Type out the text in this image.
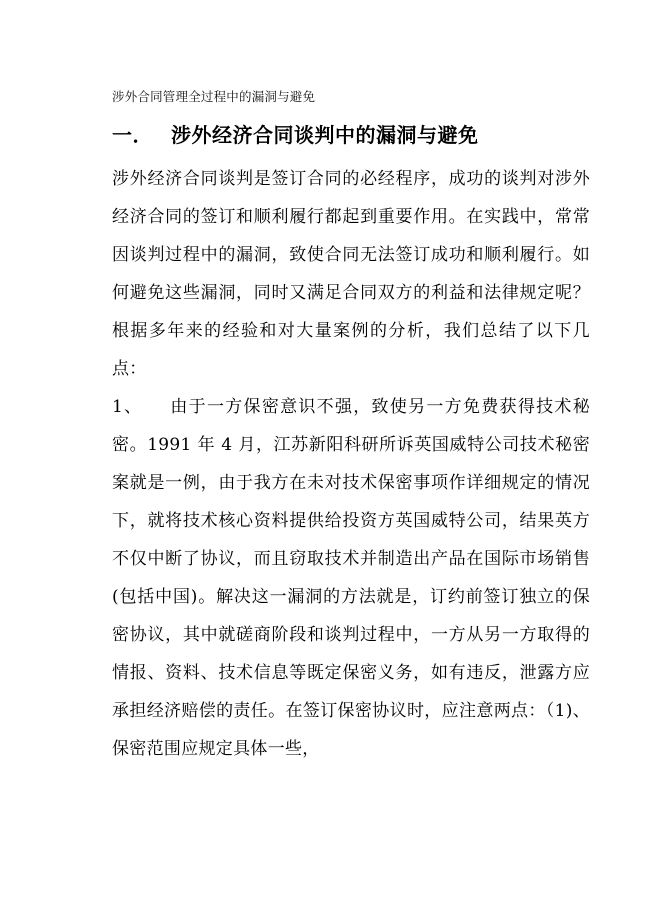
涉外合同管理全过程中的漏洞与避免
一． 涉外经济合同谈判中的漏洞与避免

涉外经济合同谈判是签订合同的必经程序，成功的谈判对涉外经济合同的签订和顺利履行都起到重要作用。在实践中，常常因谈判过程中的漏洞，致使合同无法签订成功和顺利履行。如何避免这些漏洞，同时又满足合同双方的利益和法律规定呢？根据多年来的经验和对大量案例的分析，我们总结了以下几点：

1、 由于一方保密意识不强，致使另一方免费获得技术秘密。1991 年 4 月，江苏新阳科研所诉英国威特公司技术秘密案就是一例，由于我方在未对技术保密事项作详细规定的情况下，就将技术核心资料提供给投资方英国威特公司，结果英方不仅中断了协议，而且窃取技术并制造出产品在国际市场销售(包括中国)。解决这一漏洞的方法就是，订约前签订独立的保密协议，其中就磋商阶段和谈判过程中，一方从另一方取得的情报、资料、技术信息等既定保密义务，如有违反，泄露方应承担经济赔偿的责任。在签订保密协议时，应注意两点：（1)、保密范围应规定具体一些，
